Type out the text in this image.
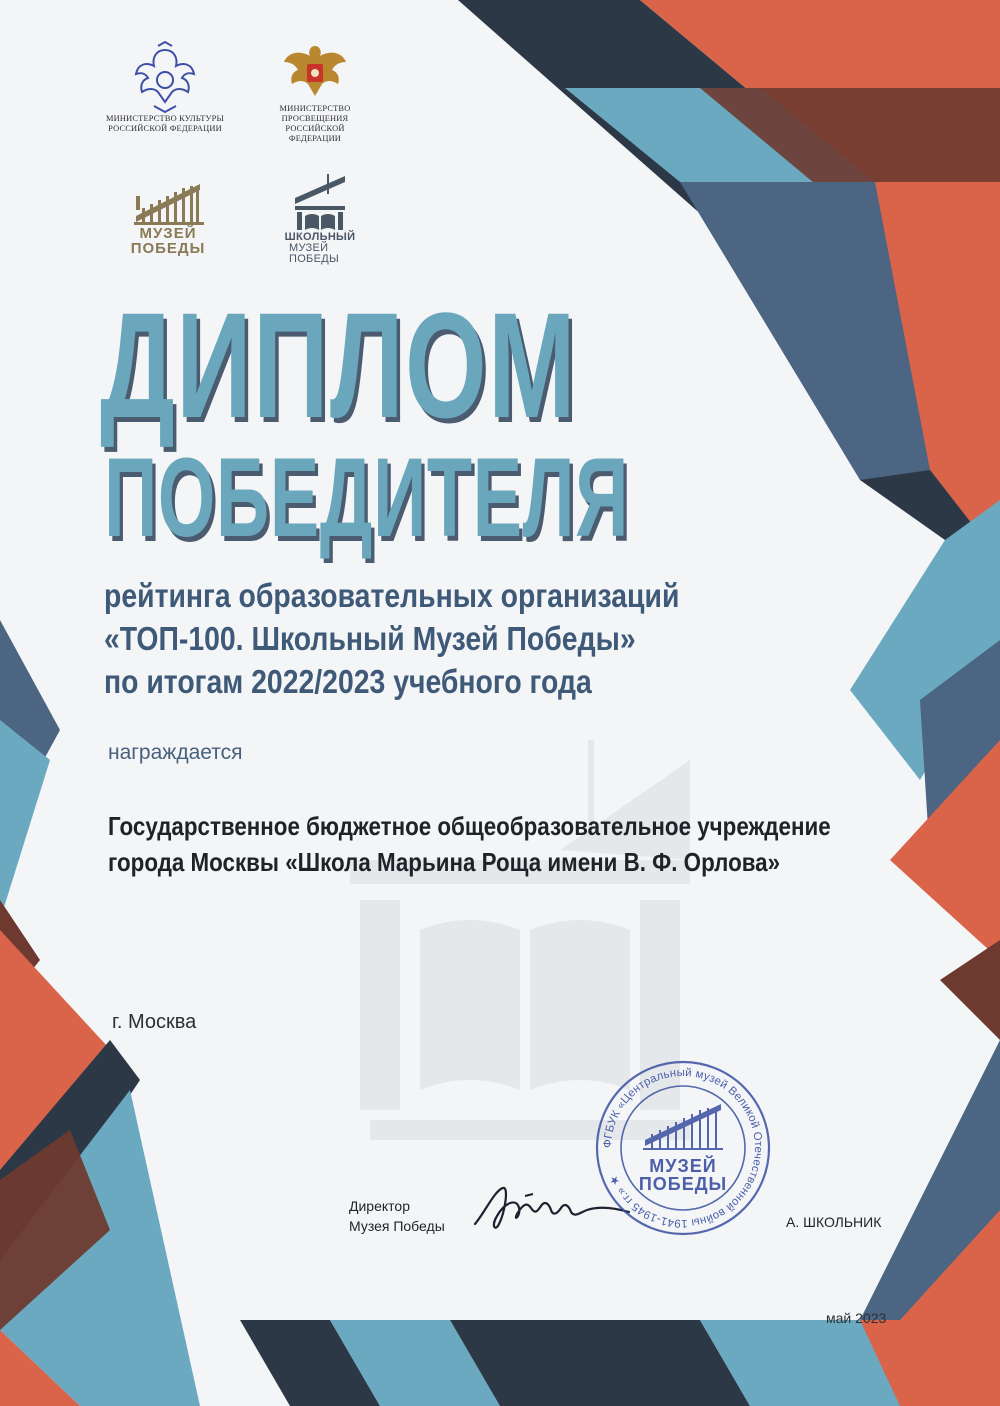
МИНИСТЕРСТВО КУЛЬТУРЫ
РОССИЙСКОЙ ФЕДЕРАЦИИ
МИНИСТЕРСТВО
ПРОСВЕЩЕНИЯ
РОССИЙСКОЙ
ФЕДЕРАЦИИ
МУЗЕЙ
ПОБЕДЫ
ШКОЛЬНЫЙ
МУЗЕЙ
ПОБЕДЫ
ДИПЛОМ
ПОБЕДИТЕЛЯ
рейтинга образовательных организаций
«ТОП-100. Школьный Музей Победы»
по итогам 2022/2023 учебного года
награждается
Государственное бюджетное общеобразовательное учреждение
города Москвы «Школа Марьина Роща имени В. Ф. Орлова»
г. Москва
Директор
Музея Победы
ФГБУК «Центральный музей Великой Отечественной войны 1941-1945 гг.» ★
МУЗЕЙ
ПОБЕДЫ
А. ШКОЛЬНИК
май 2023
